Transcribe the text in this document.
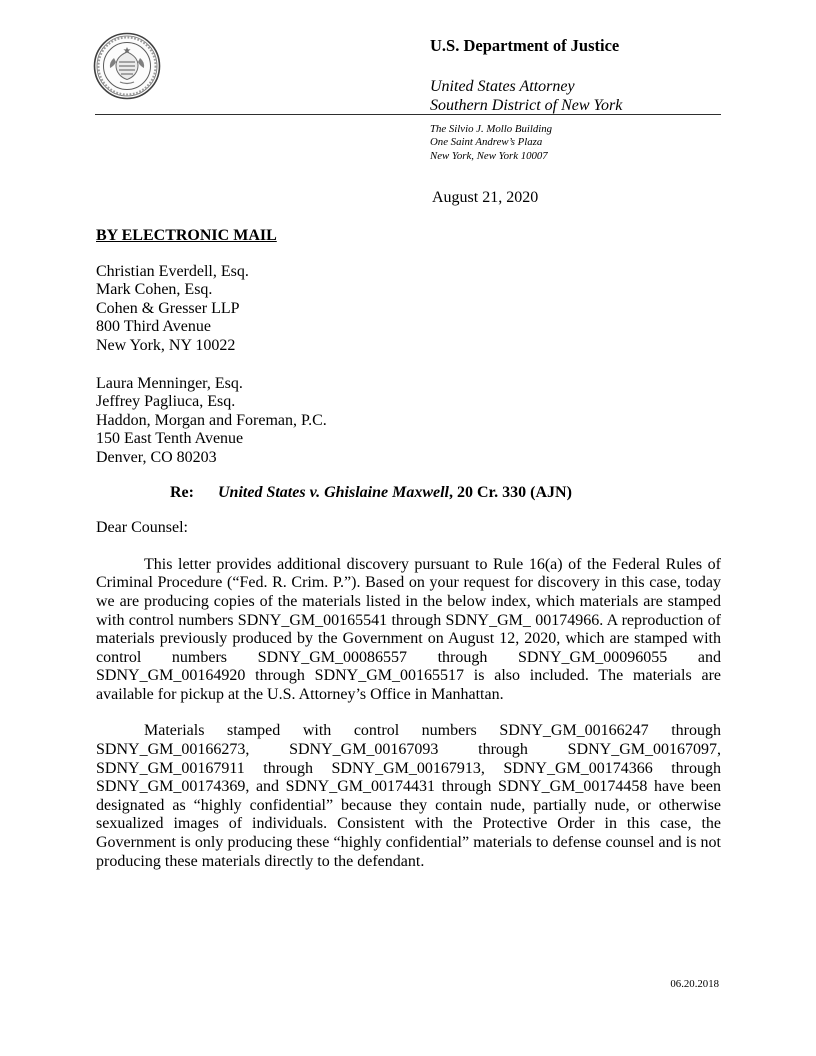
U.S. Department of Justice
United States Attorney
Southern District of New York
The Silvio J. Mollo Building
One Saint Andrew’s Plaza
New York, New York 10007
August 21, 2020
BY ELECTRONIC MAIL
Christian Everdell, Esq.
Mark Cohen, Esq.
Cohen & Gresser LLP
800 Third Avenue
New York, NY 10022
Laura Menninger, Esq.
Jeffrey Pagliuca, Esq.
Haddon, Morgan and Foreman, P.C.
150 East Tenth Avenue
Denver, CO 80203
Re: United States v. Ghislaine Maxwell, 20 Cr. 330 (AJN)
Dear Counsel:

This letter provides additional discovery pursuant to Rule 16(a) of the Federal Rules of Criminal Procedure (“Fed. R. Crim. P.”). Based on your request for discovery in this case, today we are producing copies of the materials listed in the below index, which materials are stamped with control numbers SDNY_GM_00165541 through SDNY_GM_ 00174966. A reproduction of materials previously produced by the Government on August 12, 2020, which are stamped with control numbers SDNY_GM_00086557 through SDNY_GM_00096055 and SDNY_GM_00164920 through SDNY_GM_00165517 is also included. The materials are available for pickup at the U.S. Attorney’s Office in Manhattan.

Materials stamped with control numbers SDNY_GM_00166247 through SDNY_GM_00166273, SDNY_GM_00167093 through SDNY_GM_00167097, SDNY_GM_00167911 through SDNY_GM_00167913, SDNY_GM_00174366 through SDNY_GM_00174369, and SDNY_GM_00174431 through SDNY_GM_00174458 have been designated as “highly confidential” because they contain nude, partially nude, or otherwise sexualized images of individuals. Consistent with the Protective Order in this case, the Government is only producing these “highly confidential” materials to defense counsel and is not producing these materials directly to the defendant.

06.20.2018
